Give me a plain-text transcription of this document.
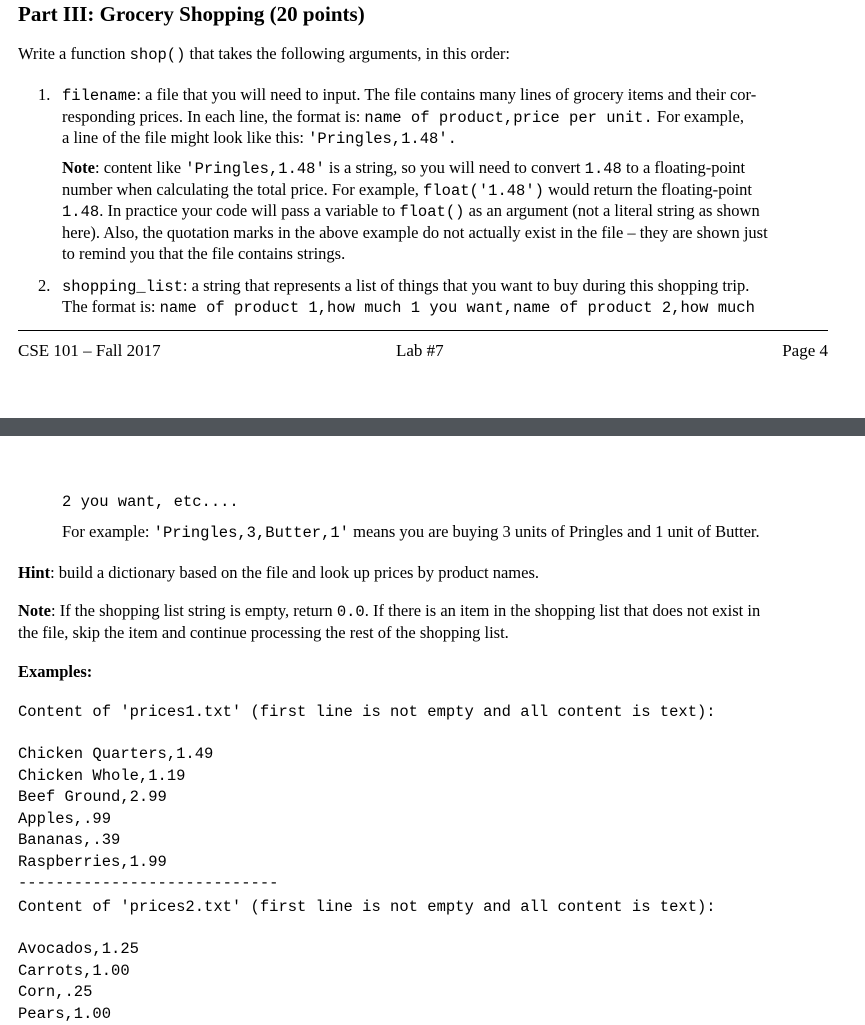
Part III: Grocery Shopping (20 points)
Write a function shop() that takes the following arguments, in this order:
1. filename: a file that you will need to input. The file contains many lines of grocery items and their cor-
responding prices. In each line, the format is: name of product,price per unit. For example,
a line of the file might look like this: 'Pringles,1.48'.
Note: content like 'Pringles,1.48' is a string, so you will need to convert 1.48 to a floating-point
number when calculating the total price. For example, float('1.48') would return the floating-point
1.48. In practice your code will pass a variable to float() as an argument (not a literal string as shown
here). Also, the quotation marks in the above example do not actually exist in the file – they are shown just
to remind you that the file contains strings.
2. shopping_list: a string that represents a list of things that you want to buy during this shopping trip.
The format is: name of product 1,how much 1 you want,name of product 2,how much
CSE 101 – Fall 2017	Lab #7	Page 4
2 you want, etc....
For example: 'Pringles,3,Butter,1' means you are buying 3 units of Pringles and 1 unit of Butter.
Hint: build a dictionary based on the file and look up prices by product names.
Note: If the shopping list string is empty, return 0.0. If there is an item in the shopping list that does not exist in
the file, skip the item and continue processing the rest of the shopping list.
Examples:
Content of 'prices1.txt' (first line is not empty and all content is text):
Chicken Quarters,1.49
Chicken Whole,1.19
Beef Ground,2.99
Apples,.99
Bananas,.39
Raspberries,1.99
----------------------------
Content of 'prices2.txt' (first line is not empty and all content is text):
Avocados,1.25
Carrots,1.00
Corn,.25
Pears,1.00
